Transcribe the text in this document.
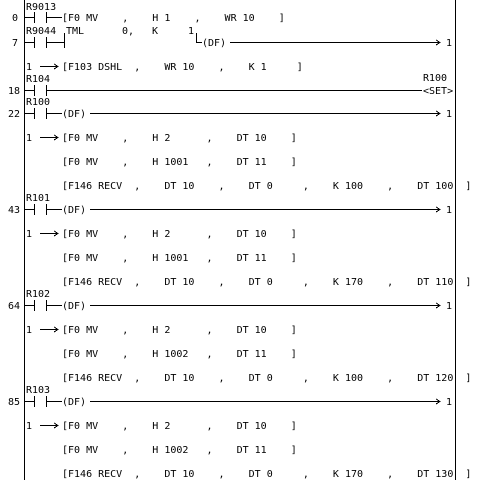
0
R9013
[F0 MV    ,    H 1    ,    WR 10    ]
7
R9044 TML	0, K	1
(DF)	1
1	[F103 DSHL  ,    WR 10    ,    K 1     ]
18
R104	R100
<SET>
22
R100
(DF)	1
1	[F0 MV    ,    H 2      ,    DT 10    ]
[F0 MV    ,    H 1001   ,    DT 11    ]
[F146 RECV  ,    DT 10    ,    DT 0     ,    K 100    ,    DT 100  ]
43
R101
(DF)	1
1	[F0 MV    ,    H 2      ,    DT 10    ]
[F0 MV    ,    H 1001   ,    DT 11    ]
[F146 RECV  ,    DT 10    ,    DT 0     ,    K 170    ,    DT 110  ]
64
R102
(DF)	1
1	[F0 MV    ,    H 2      ,    DT 10    ]
[F0 MV    ,    H 1002   ,    DT 11    ]
[F146 RECV  ,    DT 10    ,    DT 0     ,    K 100    ,    DT 120  ]
85
R103
(DF)	1
1	[F0 MV    ,    H 2      ,    DT 10    ]
[F0 MV    ,    H 1002   ,    DT 11    ]
[F146 RECV  ,    DT 10    ,    DT 0     ,    K 170    ,    DT 130  ]
